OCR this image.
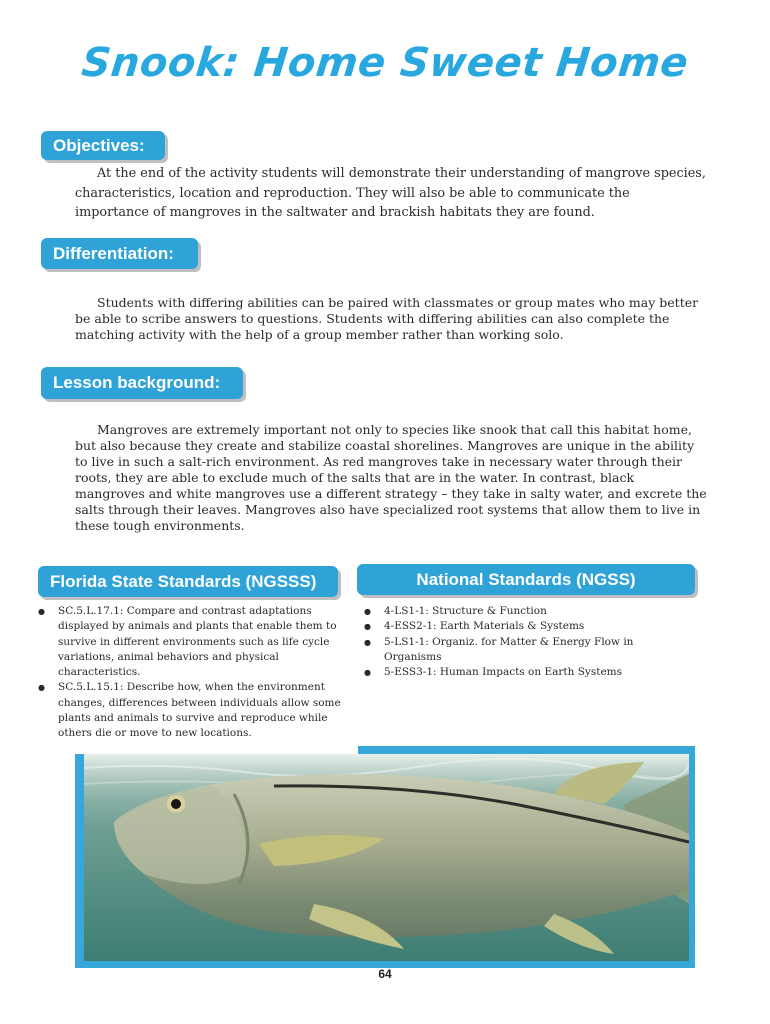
Snook: Home Sweet Home
Objectives:

At the end of the activity students will demonstrate their understanding of mangrove species, characteristics, location and reproduction. They will also be able to communicate the importance of mangroves in the saltwater and brackish habitats they are found.

Differentiation:

Students with differing abilities can be paired with classmates or group mates who may better be able to scribe answers to questions. Students with differing abilities can also complete the matching activity with the help of a group member rather than working solo.

Lesson background:

Mangroves are extremely important not only to species like snook that call this habitat home, but also because they create and stabilize coastal shorelines. Mangroves are unique in the ability to live in such a salt-rich environment. As red mangroves take in necessary water through their roots, they are able to exclude much of the salts that are in the water. In contrast, black mangroves and white mangroves use a different strategy – they take in salty water, and excrete the salts through their leaves. Mangroves also have specialized root systems that allow them to live in these tough environments.

Florida State Standards (NGSSS)
● SC.5.L.17.1: Compare and contrast adaptations displayed by animals and plants that enable them to survive in different environments such as life cycle variations, animal behaviors and physical characteristics.
● SC.5.L.15.1: Describe how, when the environment changes, differences between individuals allow some plants and animals to survive and reproduce while others die or move to new locations.
National Standards (NGSS)
● 4-LS1-1: Structure & Function
● 4-ESS2-1: Earth Materials & Systems
● 5-LS1-1: Organiz. for Matter & Energy Flow in Organisms
● 5-ESS3-1: Human Impacts on Earth Systems
64
